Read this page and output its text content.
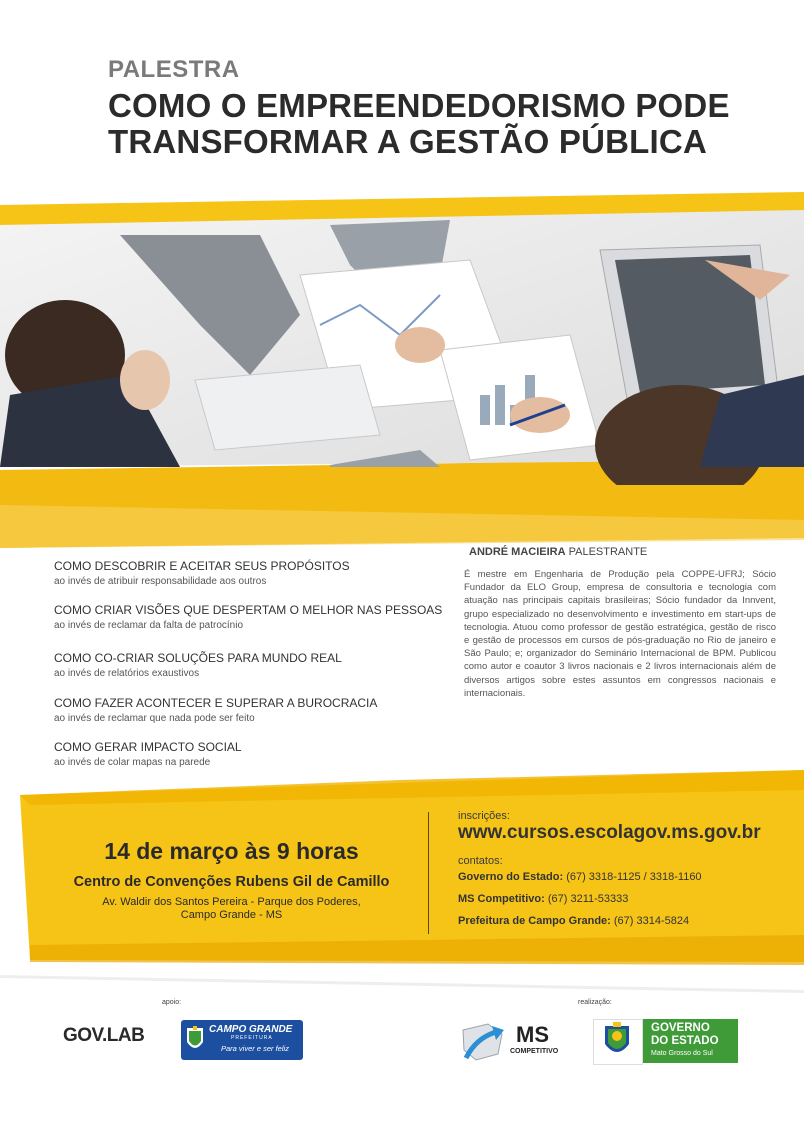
PALESTRA
COMO O EMPREENDEDORISMO PODE
TRANSFORMAR A GESTÃO PÚBLICA
COMO DESCOBRIR E ACEITAR SEUS PROPÓSITOS
ao invés de atribuir responsabilidade aos outros
COMO CRIAR VISÕES QUE DESPERTAM O MELHOR NAS PESSOAS
ao invés de reclamar da falta de patrocínio
COMO CO-CRIAR SOLUÇÕES PARA MUNDO REAL
ao invés de relatórios exaustivos
COMO FAZER ACONTECER E SUPERAR A BUROCRACIA
ao invés de reclamar que nada pode ser feito
COMO GERAR IMPACTO SOCIAL
ao invés de colar mapas na parede
ANDRÉ MACIEIRA PALESTRANTE
É mestre em Engenharia de Produção pela COPPE-UFRJ; Sócio Fundador da ELO Group, empresa de consultoria e tecnologia com atuação nas principais capitais brasileiras; Sócio fundador da Innvent, grupo especializado no desenvolvimento e investimento em start-ups de tecnologia. Atuou como professor de gestão estratégica, gestão de risco e gestão de processos em cursos de pós-graduação no Rio de janeiro e São Paulo; e; organizador do Seminário Internacional de BPM. Publicou como autor e coautor 3 livros nacionais e 2 livros internacionais além de diversos artigos sobre estes assuntos em congressos nacionais e internacionais.
14 de março às 9 horas
Centro de Convenções Rubens Gil de Camillo
Av. Waldir dos Santos Pereira - Parque dos Poderes,
Campo Grande - MS
inscrições:
www.cursos.escolagov.ms.gov.br
contatos:
Governo do Estado: (67) 3318-1125 / 3318-1160
MS Competitivo: (67) 3211-53333
Prefeitura de Campo Grande: (67) 3314-5824
apoio:	realização:
GOV.LAB	CAMPO GRANDE
PREFEITURA
Para viver e ser feliz
MS
COMPETITIVO
GOVERNO
DO ESTADO
Mato Grosso do Sul
